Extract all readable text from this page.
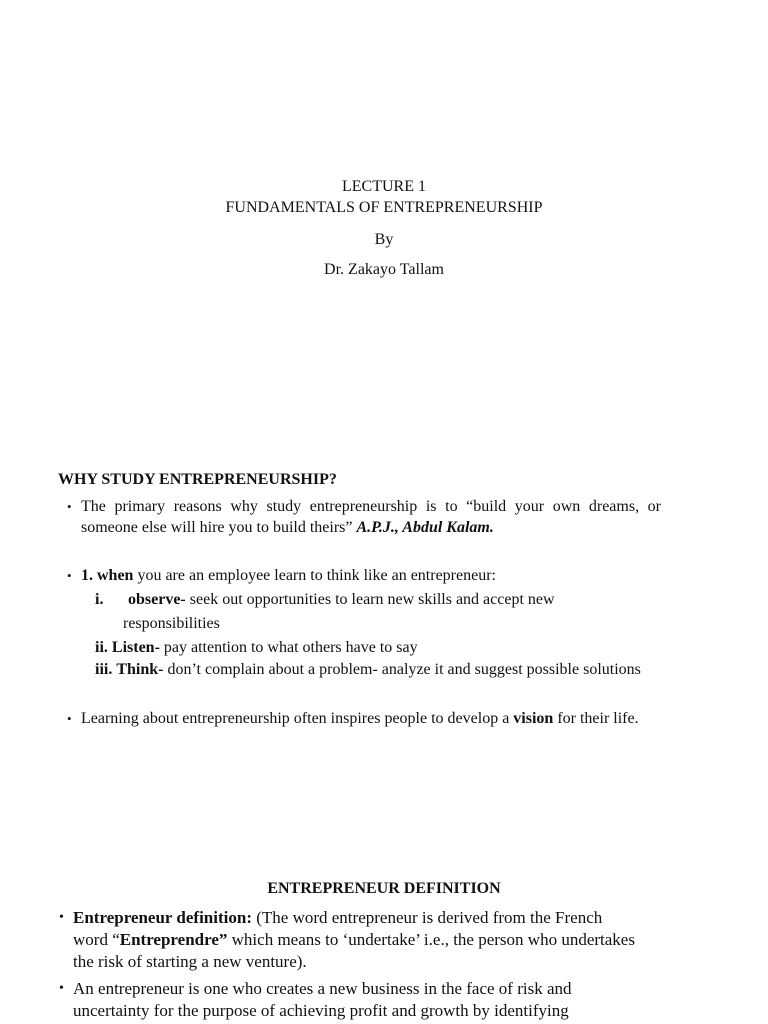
LECTURE 1
FUNDAMENTALS OF ENTREPRENEURSHIP
By
Dr. Zakayo Tallam
WHY STUDY ENTREPRENEURSHIP?
• The primary reasons why study entrepreneurship is to “build your own dreams, or someone else will hire you to build theirs” A.P.J., Abdul Kalam.
• 1. when you are an employee learn to think like an entrepreneur:
i.	observe- seek out opportunities to learn new skills and accept new
responsibilities
ii. Listen- pay attention to what others have to say
iii. Think- don’t complain about a problem- analyze it and suggest possible solutions
• Learning about entrepreneurship often inspires people to develop a vision for their life.
ENTREPRENEUR DEFINITION
• Entrepreneur definition: (The word entrepreneur is derived from the French word “Entreprendre” which means to ‘undertake’ i.e., the person who undertakes the risk of starting a new venture).
• An entrepreneur is one who creates a new business in the face of risk and uncertainty for the purpose of achieving profit and growth by identifying
